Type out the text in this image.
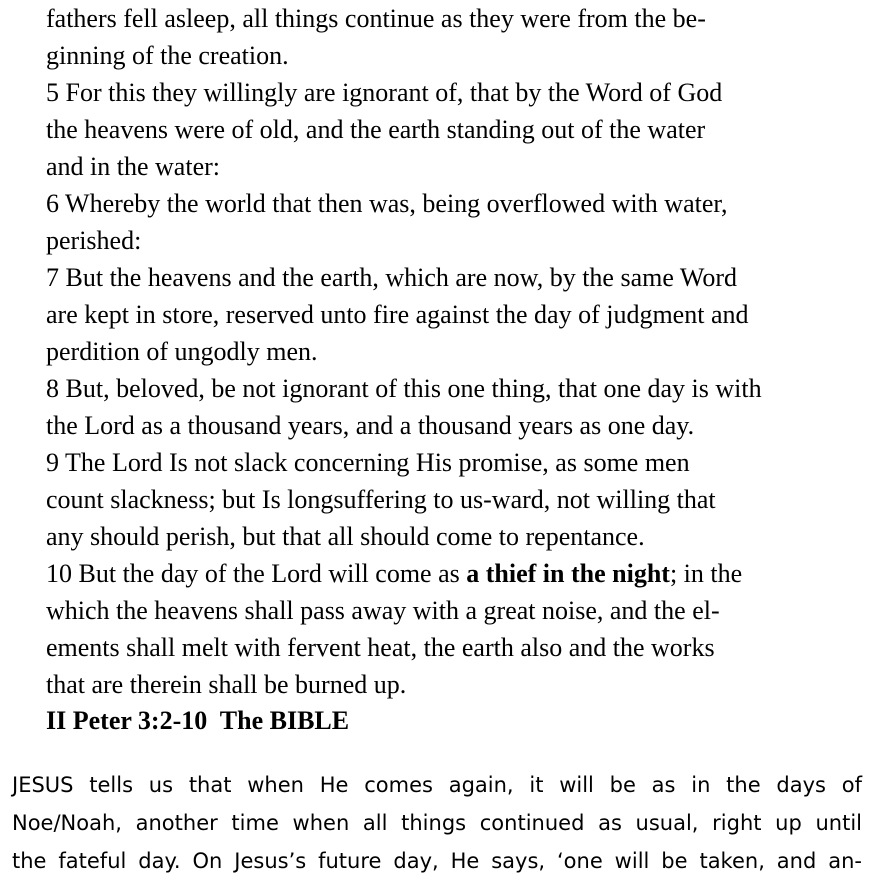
fathers fell asleep, all things continue as they were from the be-
ginning of the creation.
5 For this they willingly are ignorant of, that by the Word of God
the heavens were of old, and the earth standing out of the water
and in the water:
6 Whereby the world that then was, being overflowed with water,
perished:
7 But the heavens and the earth, which are now, by the same Word
are kept in store, reserved unto fire against the day of judgment and
perdition of ungodly men.
8 But, beloved, be not ignorant of this one thing, that one day is with
the Lord as a thousand years, and a thousand years as one day.
9 The Lord Is not slack concerning His promise, as some men
count slackness; but Is longsuffering to us-ward, not willing that
any should perish, but that all should come to repentance.
10 But the day of the Lord will come as a thief in the night; in the
which the heavens shall pass away with a great noise, and the el-
ements shall melt with fervent heat, the earth also and the works
that are therein shall be burned up.
II Peter 3:2-10  The BIBLE
JESUS tells us that when He comes again, it will be as in the days of
Noe/Noah, another time when all things continued as usual, right up until
the fateful day. On Jesus’s future day, He says, ‘one will be taken, and an-
